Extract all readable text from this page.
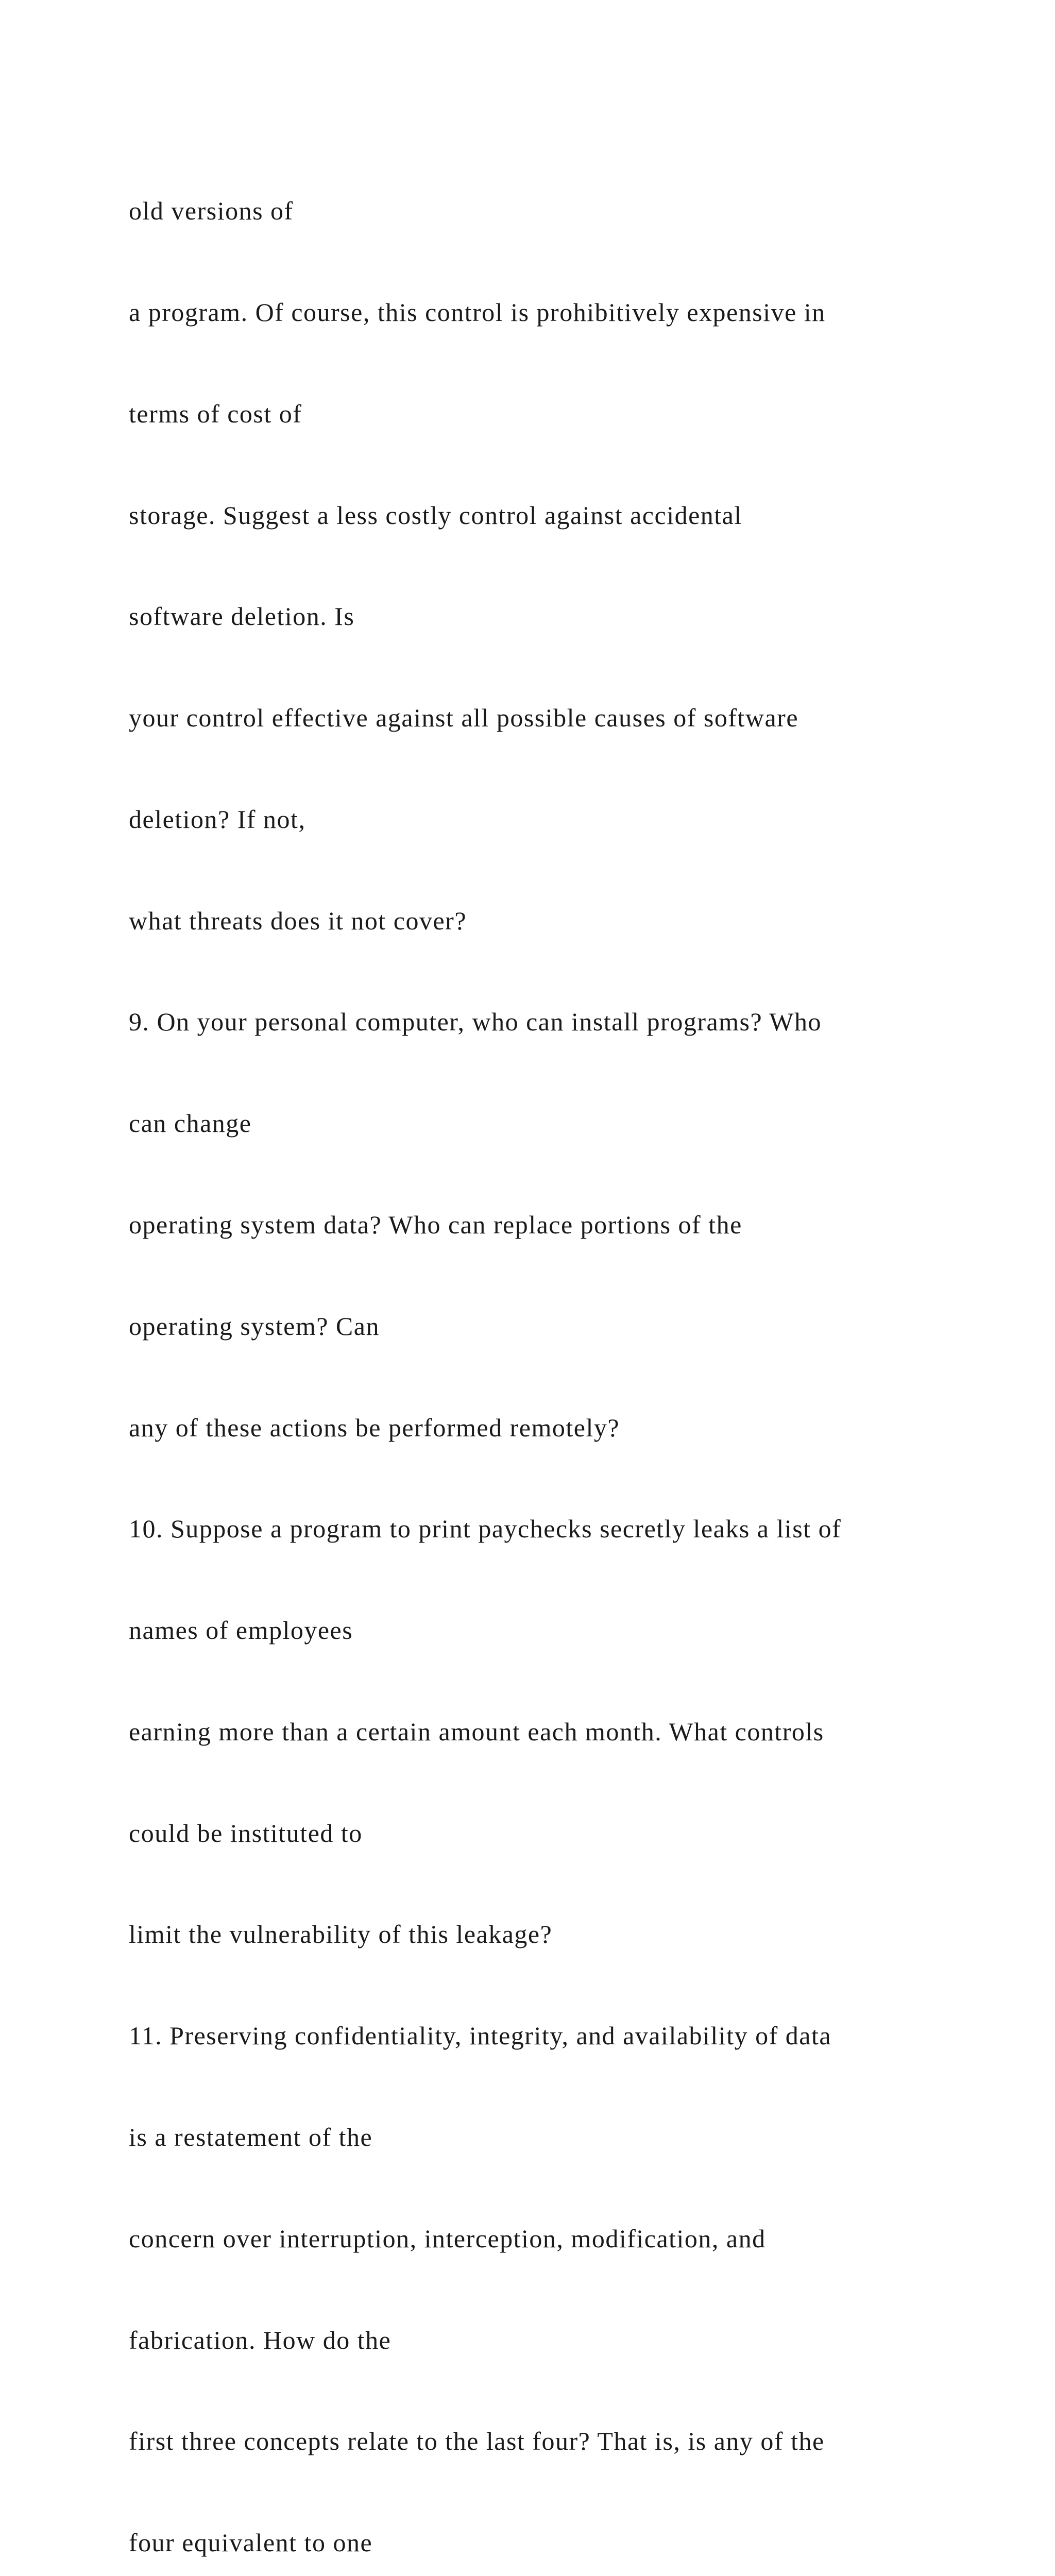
old versions of

a program. Of course, this control is prohibitively expensive in

terms of cost of

storage. Suggest a less costly control against accidental

software deletion. Is

your control effective against all possible causes of software

deletion? If not,

what threats does it not cover?

9. On your personal computer, who can install programs? Who

can change

operating system data? Who can replace portions of the

operating system? Can

any of these actions be performed remotely?

10. Suppose a program to print paychecks secretly leaks a list of

names of employees

earning more than a certain amount each month. What controls

could be instituted to

limit the vulnerability of this leakage?

11. Preserving confidentiality, integrity, and availability of data

is a restatement of the

concern over interruption, interception, modification, and

fabrication. How do the

first three concepts relate to the last four? That is, is any of the

four equivalent to one
